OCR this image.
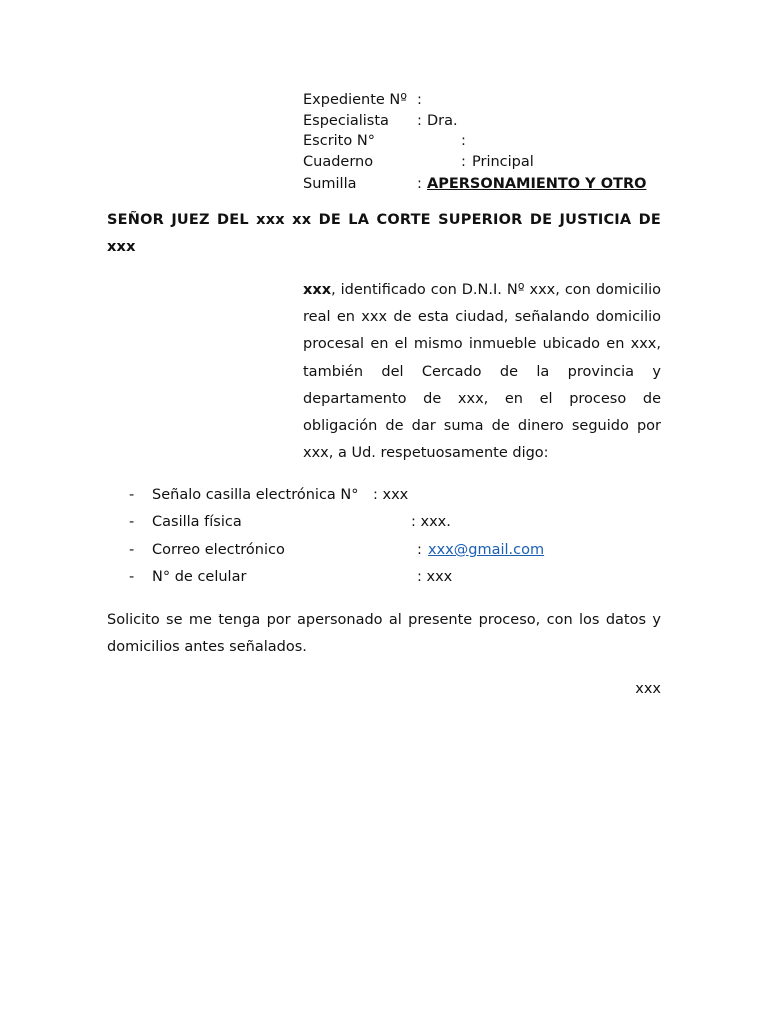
Expediente Nº :
Especialista : Dra.
Escrito N°	:
Cuaderno	: Principal
Sumilla	: APERSONAMIENTO Y OTRO
SEÑOR JUEZ DEL xxx xx DE LA CORTE SUPERIOR DE JUSTICIA DE xxx
xxx, identificado con D.N.I. Nº xxx, con domicilio real en xxx de esta ciudad, señalando domicilio procesal en el mismo inmueble ubicado en xxx, también del Cercado de la provincia y departamento de xxx, en el proceso de obligación de dar suma de dinero seguido por xxx, a Ud. respetuosamente digo:
- Señalo casilla electrónica N° : xxx
- Casilla física	: xxx.
- Correo electrónico	: xxx@gmail.com
- N° de celular	: xxx
Solicito se me tenga por apersonado al presente proceso, con los datos y domicilios antes señalados.
xxx
